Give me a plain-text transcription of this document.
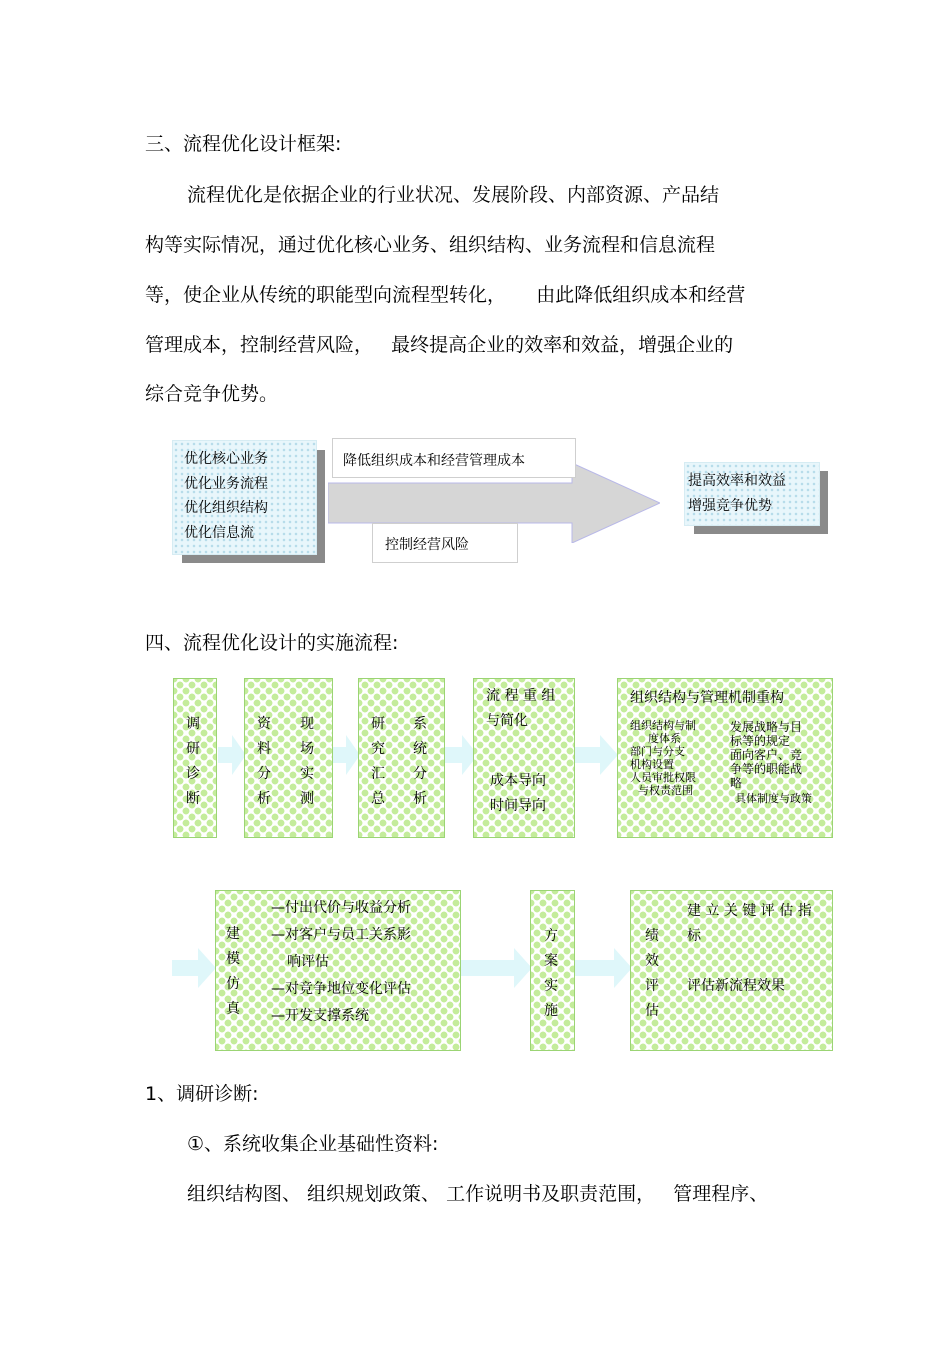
三、流程优化设计框架:
流程优化是依据企业的行业状况、发展阶段、内部资源、产品结
构等实际情况，通过优化核心业务、组织结构、业务流程和信息流程
等，使企业从传统的职能型向流程型转化，     由此降低组织成本和经营
管理成本，控制经营风险，   最终提高企业的效率和效益，增强企业的
综合竞争优势。
优化核心业务
优化业务流程
优化组织结构
优化信息流
降低组织成本和经营管理成本
控制经营风险
提高效率和效益
增强竞争优势
四、流程优化设计的实施流程:
调
研
诊
断
资
料
分
析
现
场
实
测
研
究
汇
总
系
统
分
析
流 程 重 组
与简化
成本导向
时间导向
组织结构与管理机制重构
组织结构与制
度体系
部门与分支
机构设置
人员审批权限
与权责范围
发展战略与目
标等的规定
面向客户、竞
争等的职能战
略
具体制度与政策
建
模
仿
真
—付出代价与收益分析
—对客户与员工关系影
响评估
—对竞争地位变化评估
—开发支撑系统
方
案
实
施
绩
效
评
估
建 立 关 键 评 估 指
标
评估新流程效果
1、调研诊断:
①、系统收集企业基础性资料:
组织结构图、 组织规划政策、 工作说明书及职责范围，   管理程序、
